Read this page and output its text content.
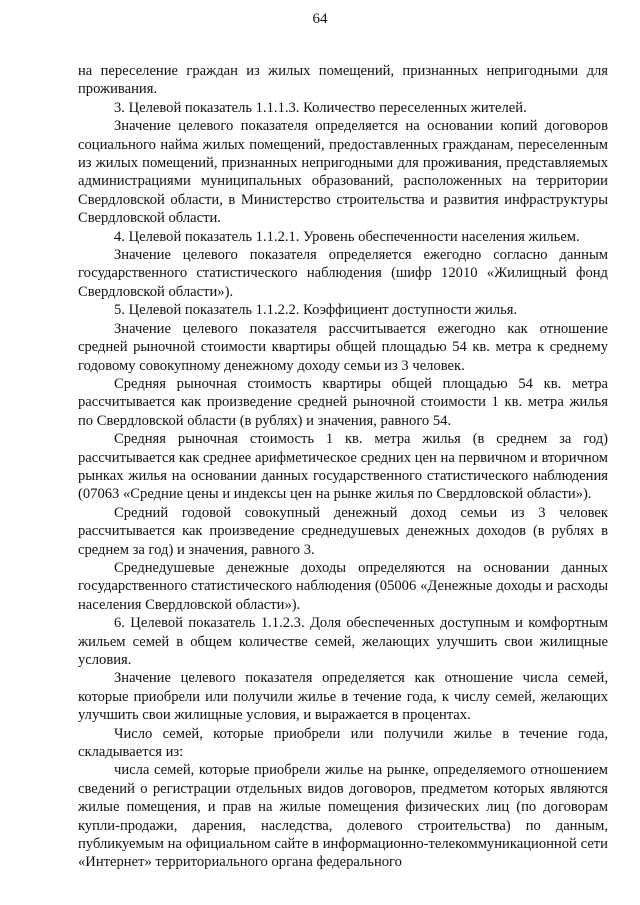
64

на переселение граждан из жилых помещений, признанных непригодными для проживания.

3. Целевой показатель 1.1.1.3. Количество переселенных жителей.

Значение целевого показателя определяется на основании копий договоров социального найма жилых помещений, предоставленных гражданам, переселенным из жилых помещений, признанных непригодными для проживания, представляемых администрациями муниципальных образований, расположенных на территории Свердловской области, в Министерство строительства и развития инфраструктуры Свердловской области.

4. Целевой показатель 1.1.2.1. Уровень обеспеченности населения жильем.

Значение целевого показателя определяется ежегодно согласно данным государственного статистического наблюдения (шифр 12010 «Жилищный фонд Свердловской области»).

5. Целевой показатель 1.1.2.2. Коэффициент доступности жилья.

Значение целевого показателя рассчитывается ежегодно как отношение средней рыночной стоимости квартиры общей площадью 54 кв. метра к среднему годовому совокупному денежному доходу семьи из 3 человек.

Средняя рыночная стоимость квартиры общей площадью 54 кв. метра рассчитывается как произведение средней рыночной стоимости 1 кв. метра жилья по Свердловской области (в рублях) и значения, равного 54.

Средняя рыночная стоимость 1 кв. метра жилья (в среднем за год) рассчитывается как среднее арифметическое средних цен на первичном и вторичном рынках жилья на основании данных государственного статистического наблюдения (07063 «Средние цены и индексы цен на рынке жилья по Свердловской области»).

Средний годовой совокупный денежный доход семьи из 3 человек рассчитывается как произведение среднедушевых денежных доходов (в рублях в среднем за год) и значения, равного 3.

Среднедушевые денежные доходы определяются на основании данных государственного статистического наблюдения (05006 «Денежные доходы и расходы населения Свердловской области»).

6. Целевой показатель 1.1.2.3. Доля обеспеченных доступным и комфортным жильем семей в общем количестве семей, желающих улучшить свои жилищные условия.

Значение целевого показателя определяется как отношение числа семей, которые приобрели или получили жилье в течение года, к числу семей, желающих улучшить свои жилищные условия, и выражается в процентах.

Число семей, которые приобрели или получили жилье в течение года, складывается из:

числа семей, которые приобрели жилье на рынке, определяемого отношением сведений о регистрации отдельных видов договоров, предметом которых являются жилые помещения, и прав на жилые помещения физических лиц (по договорам купли-продажи, дарения, наследства, долевого строительства) по данным, публикуемым на официальном сайте в информационно-телекоммуникационной сети «Интернет» территориального органа федерального
